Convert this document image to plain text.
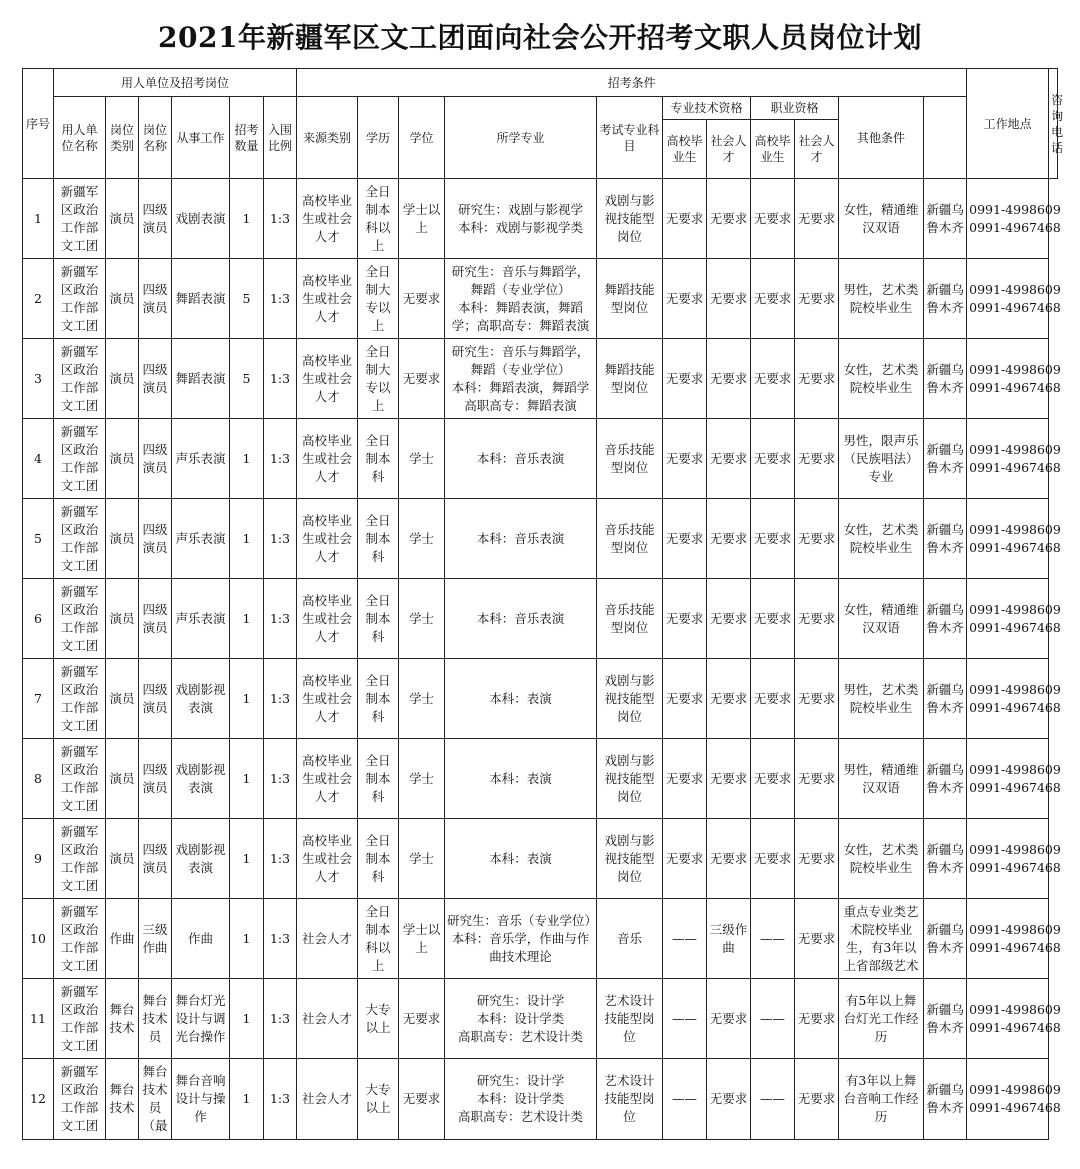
2021年新疆军区文工团面向社会公开招考文职人员岗位计划
序号	用人单位及招考岗位						招考条件											工作地点	咨询电话
	用人单位名称	岗位类别	岗位名称	从事工作	招考数量	入围比例	来源类别	学历	学位	所学专业	考试专业科目	专业技术资格		职业资格		其他条件			
												高校毕业生	社会人才	高校毕业生	社会人才				

1	新疆军区政治工作部文工团	演员	四级演员	戏剧表演	1	1:3	高校毕业生或社会人才	全日制本科以上	学士以上	研究生：戏剧与影视学
本科：戏剧与影视学类	戏剧与影视技能型岗位	无要求	无要求	无要求	无要求	女性，精通维汉双语	新疆乌鲁木齐	0991-4998609
0991-4967468	

2	新疆军区政治工作部文工团	演员	四级演员	舞蹈表演	5	1:3	高校毕业生或社会人才	全日制大专以上	无要求	研究生：音乐与舞蹈学，舞蹈（专业学位）
本科：舞蹈表演，舞蹈学；高职高专：舞蹈表演	舞蹈技能型岗位	无要求	无要求	无要求	无要求	男性，艺术类院校毕业生	新疆乌鲁木齐	0991-4998609
0991-4967468	

3	新疆军区政治工作部文工团	演员	四级演员	舞蹈表演	5	1:3	高校毕业生或社会人才	全日制大专以上	无要求	研究生：音乐与舞蹈学，舞蹈（专业学位）
本科：舞蹈表演，舞蹈学
高职高专：舞蹈表演	舞蹈技能型岗位	无要求	无要求	无要求	无要求	女性，艺术类院校毕业生	新疆乌鲁木齐	0991-4998609
0991-4967468	

4	新疆军区政治工作部文工团	演员	四级演员	声乐表演	1	1:3	高校毕业生或社会人才	全日制本科	学士	本科：音乐表演	音乐技能型岗位	无要求	无要求	无要求	无要求	男性，限声乐（民族唱法）专业	新疆乌鲁木齐	0991-4998609
0991-4967468	

5	新疆军区政治工作部文工团	演员	四级演员	声乐表演	1	1:3	高校毕业生或社会人才	全日制本科	学士	本科：音乐表演	音乐技能型岗位	无要求	无要求	无要求	无要求	女性，艺术类院校毕业生	新疆乌鲁木齐	0991-4998609
0991-4967468	

6	新疆军区政治工作部文工团	演员	四级演员	声乐表演	1	1:3	高校毕业生或社会人才	全日制本科	学士	本科：音乐表演	音乐技能型岗位	无要求	无要求	无要求	无要求	女性，精通维汉双语	新疆乌鲁木齐	0991-4998609
0991-4967468	

7	新疆军区政治工作部文工团	演员	四级演员	戏剧影视表演	1	1:3	高校毕业生或社会人才	全日制本科	学士	本科：表演	戏剧与影视技能型岗位	无要求	无要求	无要求	无要求	男性，艺术类院校毕业生	新疆乌鲁木齐	0991-4998609
0991-4967468	

8	新疆军区政治工作部文工团	演员	四级演员	戏剧影视表演	1	1:3	高校毕业生或社会人才	全日制本科	学士	本科：表演	戏剧与影视技能型岗位	无要求	无要求	无要求	无要求	男性，精通维汉双语	新疆乌鲁木齐	0991-4998609
0991-4967468	

9	新疆军区政治工作部文工团	演员	四级演员	戏剧影视表演	1	1:3	高校毕业生或社会人才	全日制本科	学士	本科：表演	戏剧与影视技能型岗位	无要求	无要求	无要求	无要求	女性，艺术类院校毕业生	新疆乌鲁木齐	0991-4998609
0991-4967468	

10	新疆军区政治工作部文工团	作曲	三级作曲	作曲	1	1:3	社会人才	全日制本科以上	学士以上	研究生：音乐（专业学位）
本科：音乐学，作曲与作曲技术理论	音乐	——	三级作曲	——	无要求	重点专业类艺术院校毕业生，有3年以上省部级艺术	新疆乌鲁木齐	0991-4998609
0991-4967468	

11	新疆军区政治工作部文工团	舞台技术	舞台技术员	舞台灯光设计与调光台操作	1	1:3	社会人才	大专以上	无要求	研究生：设计学
本科：设计学类
高职高专：艺术设计类	艺术设计技能型岗位	——	无要求	——	无要求	有5年以上舞台灯光工作经历	新疆乌鲁木齐	0991-4998609
0991-4967468	

12	新疆军区政治工作部文工团	舞台技术	舞台技术员（最	舞台音响设计与操作	1	1:3	社会人才	大专以上	无要求	研究生：设计学
本科：设计学类
高职高专：艺术设计类	艺术设计技能型岗位	——	无要求	——	无要求	有3年以上舞台音响工作经历	新疆乌鲁木齐	0991-4998609
0991-4967468	
